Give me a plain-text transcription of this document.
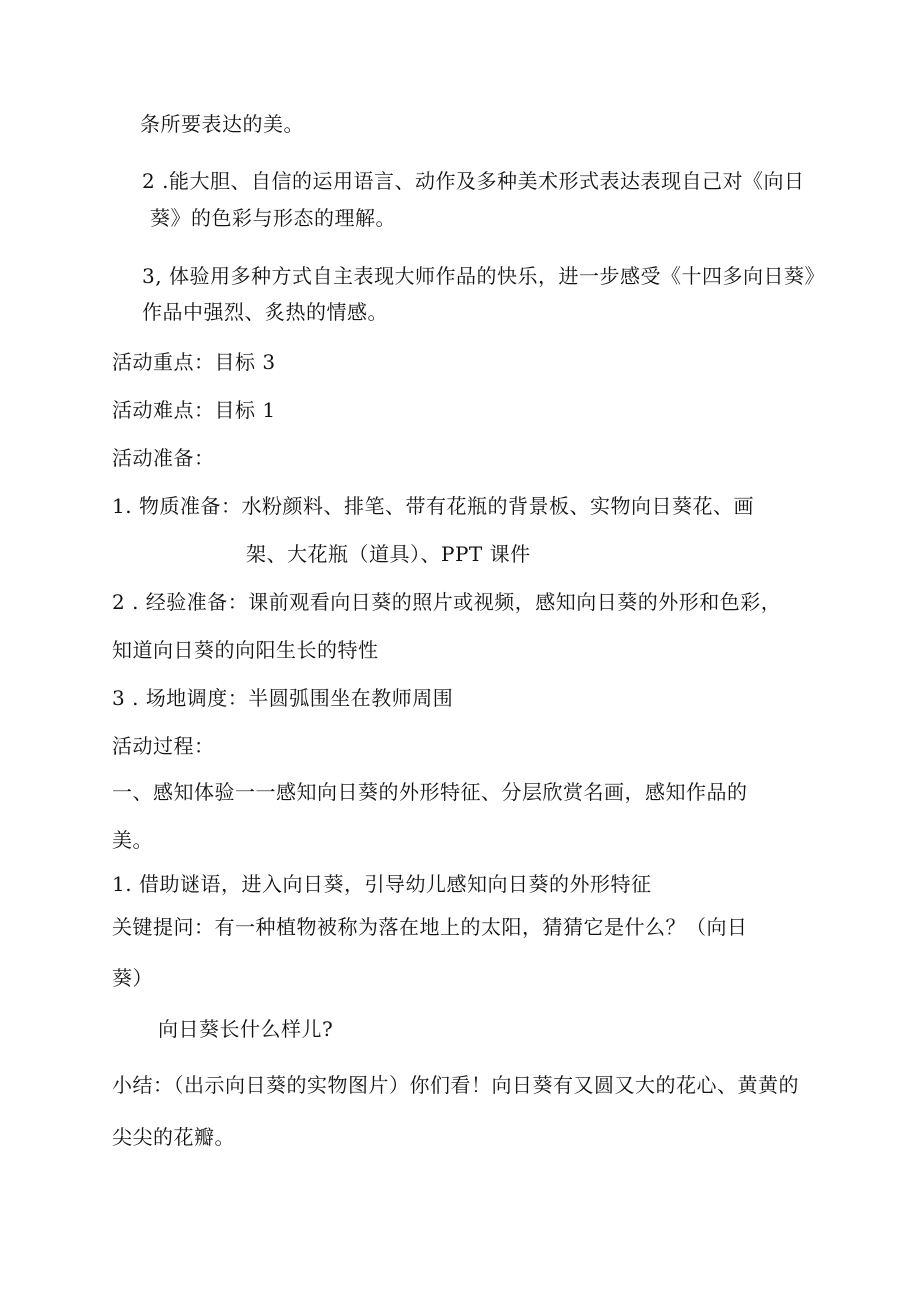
条所要表达的美。
2 .能大胆、自信的运用语言、动作及多种美术形式表达表现自己对《向日
葵》的色彩与形态的理解。
3, 体验用多种方式自主表现大师作品的快乐，进一步感受《十四多向日葵》
作品中强烈、炙热的情感。
活动重点：目标 3
活动难点：目标 1
活动准备：
1. 物质准备：水粉颜料、排笔、带有花瓶的背景板、实物向日葵花、画
架、大花瓶（道具）、PPT 课件
2 . 经验准备：课前观看向日葵的照片或视频，感知向日葵的外形和色彩，
知道向日葵的向阳生长的特性
3 . 场地调度：半圆弧围坐在教师周围
活动过程：
一、感知体验一一感知向日葵的外形特征、分层欣赏名画，感知作品的
美。
1. 借助谜语，进入向日葵，引导幼儿感知向日葵的外形特征
关键提问：有一种植物被称为落在地上的太阳，猜猜它是什么？（向日
葵）
向日葵长什么样儿?
小结：（出示向日葵的实物图片）你们看！向日葵有又圆又大的花心、黄黄的
尖尖的花瓣。
